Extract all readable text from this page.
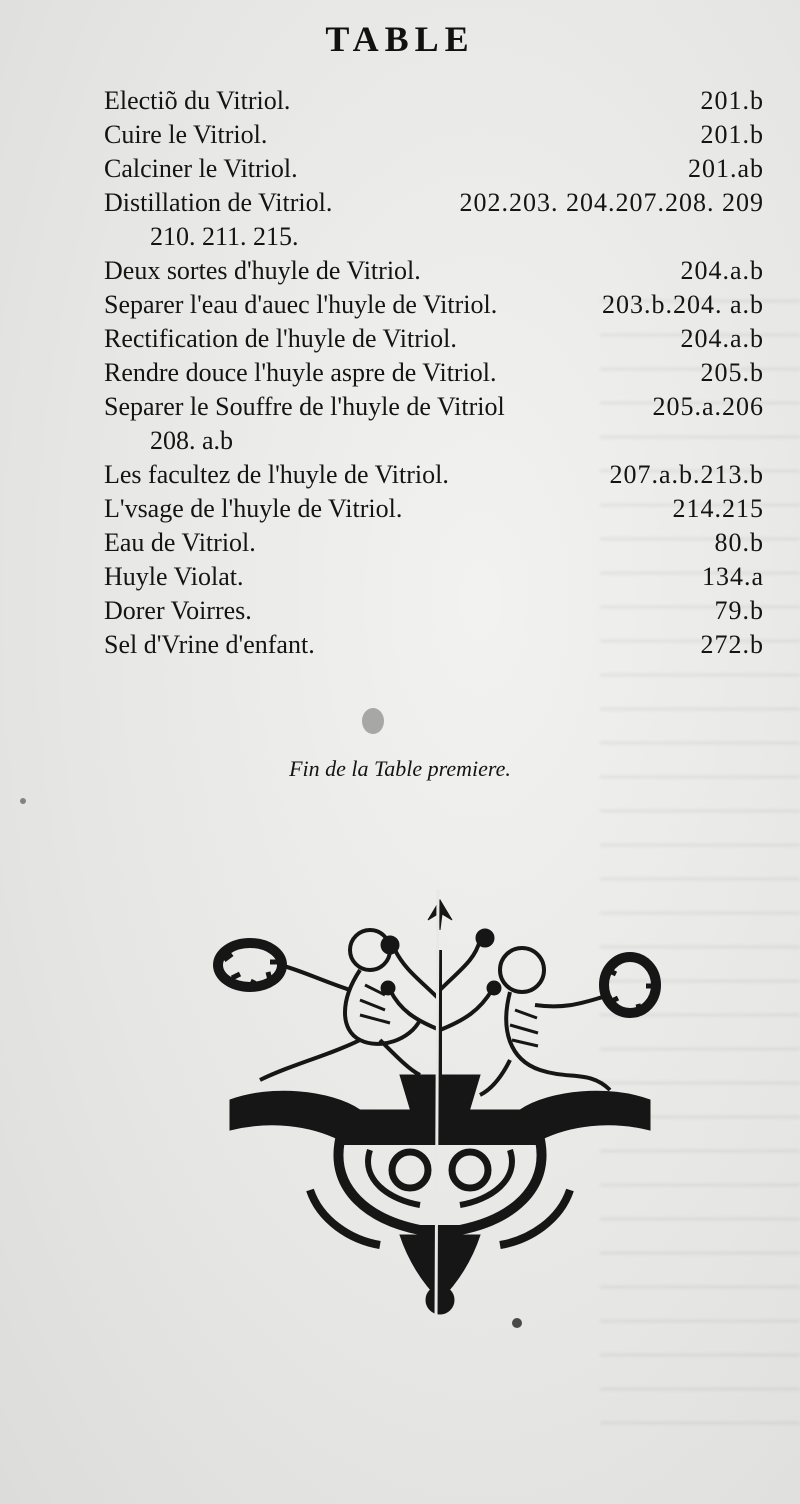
TABLE
Electiõ du Vitriol.	201.b
Cuire le Vitriol.	201.b
Calciner le Vitriol.	201.ab
Distillation de Vitriol.	202.203. 204.207.208. 209
210. 211. 215.
Deux sortes d'huyle de Vitriol.	204.a.b
Separer l'eau d'auec l'huyle de Vitriol.	203.b.204. a.b
Rectification de l'huyle de Vitriol.	204.a.b
Rendre douce l'huyle aspre de Vitriol.	205.b
Separer le Souffre de l'huyle de Vitriol	205.a.206
208. a.b
Les facultez de l'huyle de Vitriol.	207.a.b.213.b
L'vsage de l'huyle de Vitriol.	214.215
Eau de Vitriol.	80.b
Huyle Violat.	134.a
Dorer Voirres.	79.b
Sel d'Vrine d'enfant.	272.b
Fin de la Table premiere.
